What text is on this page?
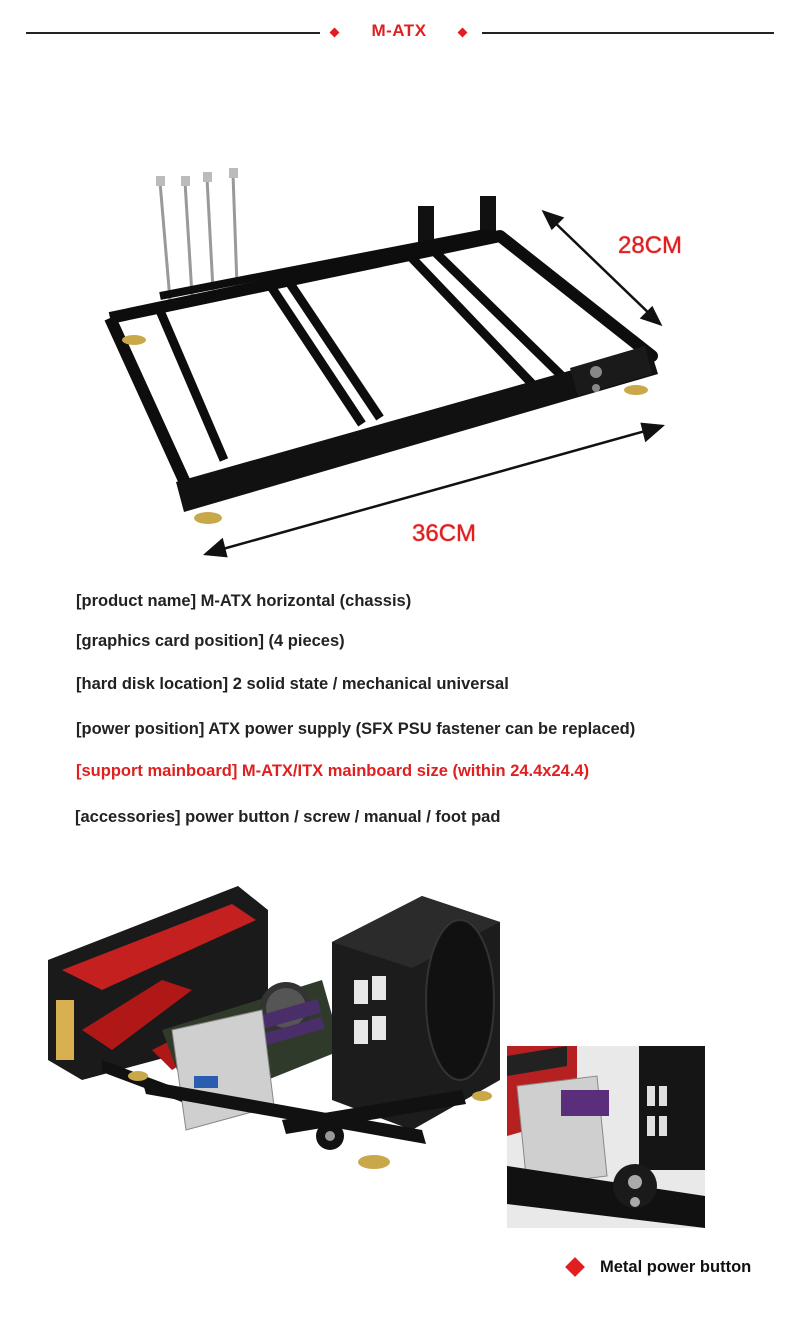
M-ATX
28CM
36CM
[product name] M-ATX horizontal (chassis)
[graphics card position] (4 pieces)
[hard disk location] 2 solid state / mechanical universal
[power position] ATX power supply (SFX PSU fastener can be replaced)
[support mainboard] M-ATX/ITX mainboard size (within 24.4x24.4)
[accessories] power button / screw / manual / foot pad
Metal power button
